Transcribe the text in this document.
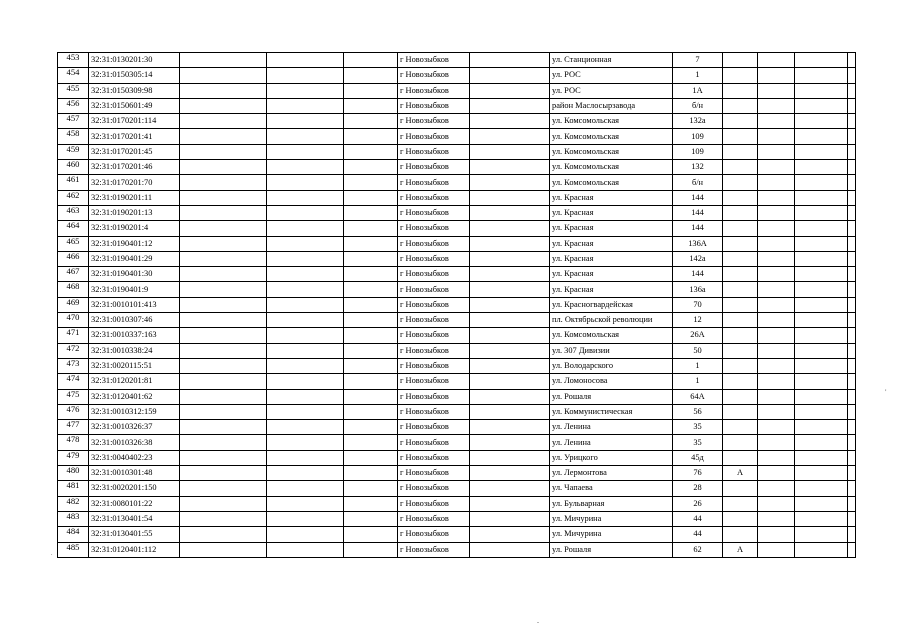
453	32:31:0130201:30				г Новозыбков		ул. Станционная	7				
454	32:31:0150305:14				г Новозыбков		ул. РОС	1				
455	32:31:0150309:98				г Новозыбков		ул. РОС	1А				
456	32:31:0150601:49				г Новозыбков		район Маслосырзавода	б/н				
457	32:31:0170201:114				г Новозыбков		ул. Комсомольская	132а				
458	32:31:0170201:41				г Новозыбков		ул. Комсомольская	109				
459	32:31:0170201:45				г Новозыбков		ул. Комсомольская	109				
460	32:31:0170201:46				г Новозыбков		ул. Комсомольская	132				
461	32:31:0170201:70				г Новозыбков		ул. Комсомольская	б/н				
462	32:31:0190201:11				г Новозыбков		ул. Красная	144				
463	32:31:0190201:13				г Новозыбков		ул. Красная	144				
464	32:31:0190201:4				г Новозыбков		ул. Красная	144				
465	32:31:0190401:12				г Новозыбков		ул. Красная	136А				
466	32:31:0190401:29				г Новозыбков		ул. Красная	142а				
467	32:31:0190401:30				г Новозыбков		ул. Красная	144				
468	32:31:0190401:9				г Новозыбков		ул. Красная	136а				
469	32:31:0010101:413				г Новозыбков		ул. Красногвардейская	70				
470	32:31:0010307:46				г Новозыбков		пл. Октябрьской революции	12				
471	32:31:0010337:163				г Новозыбков		ул. Комсомольская	26А				
472	32:31:0010338:24				г Новозыбков		ул. 307 Дивизии	50				
473	32:31:0020115:51				г Новозыбков		ул. Володарского	1				
474	32:31:0120201:81				г Новозыбков		ул. Ломоносова	1				
475	32:31:0120401:62				г Новозыбков		ул. Рошаля	64А				
476	32:31:0010312:159				г Новозыбков		ул. Коммунистическая	56				
477	32:31:0010326:37				г Новозыбков		ул. Ленина	35				
478	32:31:0010326:38				г Новозыбков		ул. Ленина	35				
479	32:31:0040402:23				г Новозыбков		ул. Урицкого	45д				
480	32:31:0010301:48				г Новозыбков		ул. Лермонтова	76	А			
481	32:31:0020201:150				г Новозыбков		ул. Чапаева	28				
482	32:31:0080101:22				г Новозыбков		ул. Бульварная	26				
483	32:31:0130401:54				г Новозыбков		ул. Мичурина	44				
484	32:31:0130401:55				г Новозыбков		ул. Мичурина	44				
485	32:31:0120401:112				г Новозыбков		ул. Рошаля	62	А			
,
.
-
